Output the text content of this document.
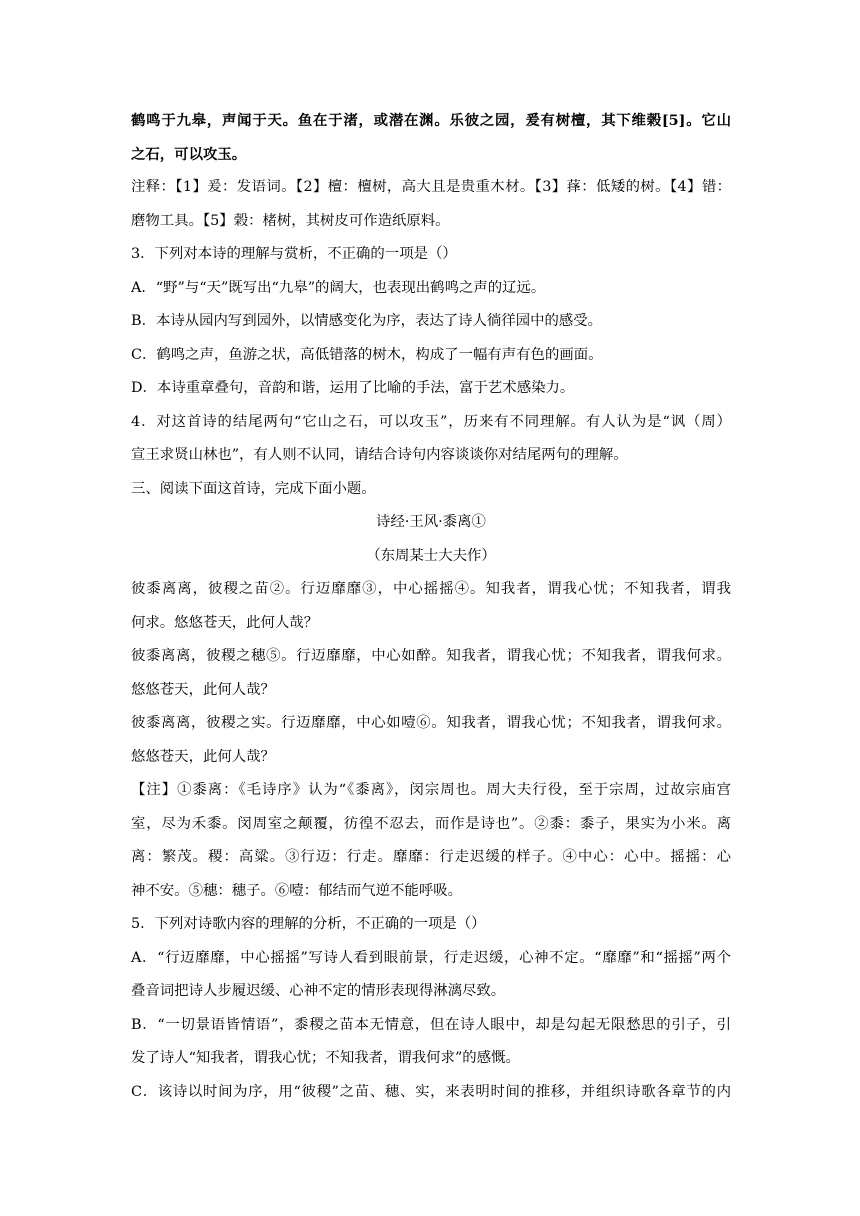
鹤鸣于九皋，声闻于天。鱼在于渚，或潜在渊。乐彼之园，爰有树檀，其下维榖[5]。它山
之石，可以攻玉。
注释：【1】爰：发语词。【2】檀：檀树，高大且是贵重木材。【3】萚：低矮的树。【4】错：
磨物工具。【5】榖：楮树，其树皮可作造纸原料。
3．下列对本诗的理解与赏析，不正确的一项是（）
A．“野”与“天”既写出“九皋”的阔大，也表现出鹤鸣之声的辽远。
B．本诗从园内写到园外，以情感变化为序，表达了诗人徜徉园中的感受。
C．鹤鸣之声，鱼游之状，高低错落的树木，构成了一幅有声有色的画面。
D．本诗重章叠句，音韵和谐，运用了比喻的手法，富于艺术感染力。
4．对这首诗的结尾两句“它山之石，可以攻玉”，历来有不同理解。有人认为是“讽（周）
宣王求贤山林也”，有人则不认同，请结合诗句内容谈谈你对结尾两句的理解。
三、阅读下面这首诗，完成下面小题。
诗经·王风·黍离①
（东周某士大夫作）
彼黍离离，彼稷之苗②。行迈靡靡③，中心摇摇④。知我者，谓我心忧；不知我者，谓我
何求。悠悠苍天，此何人哉？
彼黍离离，彼稷之穗⑤。行迈靡靡，中心如醉。知我者，谓我心忧；不知我者，谓我何求。
悠悠苍天，此何人哉？
彼黍离离，彼稷之实。行迈靡靡，中心如噎⑥。知我者，谓我心忧；不知我者，谓我何求。
悠悠苍天，此何人哉？
【注】①黍离：《毛诗序》认为“《黍离》，闵宗周也。周大夫行役，至于宗周，过故宗庙宫
室，尽为禾黍。闵周室之颠覆，彷徨不忍去，而作是诗也”。②黍：黍子，果实为小米。离
离：繁茂。稷：高粱。③行迈：行走。靡靡：行走迟缓的样子。④中心：心中。摇摇：心
神不安。⑤穗：穗子。⑥噎：郁结而气逆不能呼吸。
5．下列对诗歌内容的理解的分析，不正确的一项是（）
A．“行迈靡靡，中心摇摇”写诗人看到眼前景，行走迟缓，心神不定。“靡靡”和“摇摇”两个
叠音词把诗人步履迟缓、心神不定的情形表现得淋漓尽致。
B．“一切景语皆情语”，黍稷之苗本无情意，但在诗人眼中，却是勾起无限愁思的引子，引
发了诗人“知我者，谓我心忧；不知我者，谓我何求”的感慨。
C．该诗以时间为序，用“彼稷”之苗、穗、实，来表明时间的推移，并组织诗歌各章节的内
